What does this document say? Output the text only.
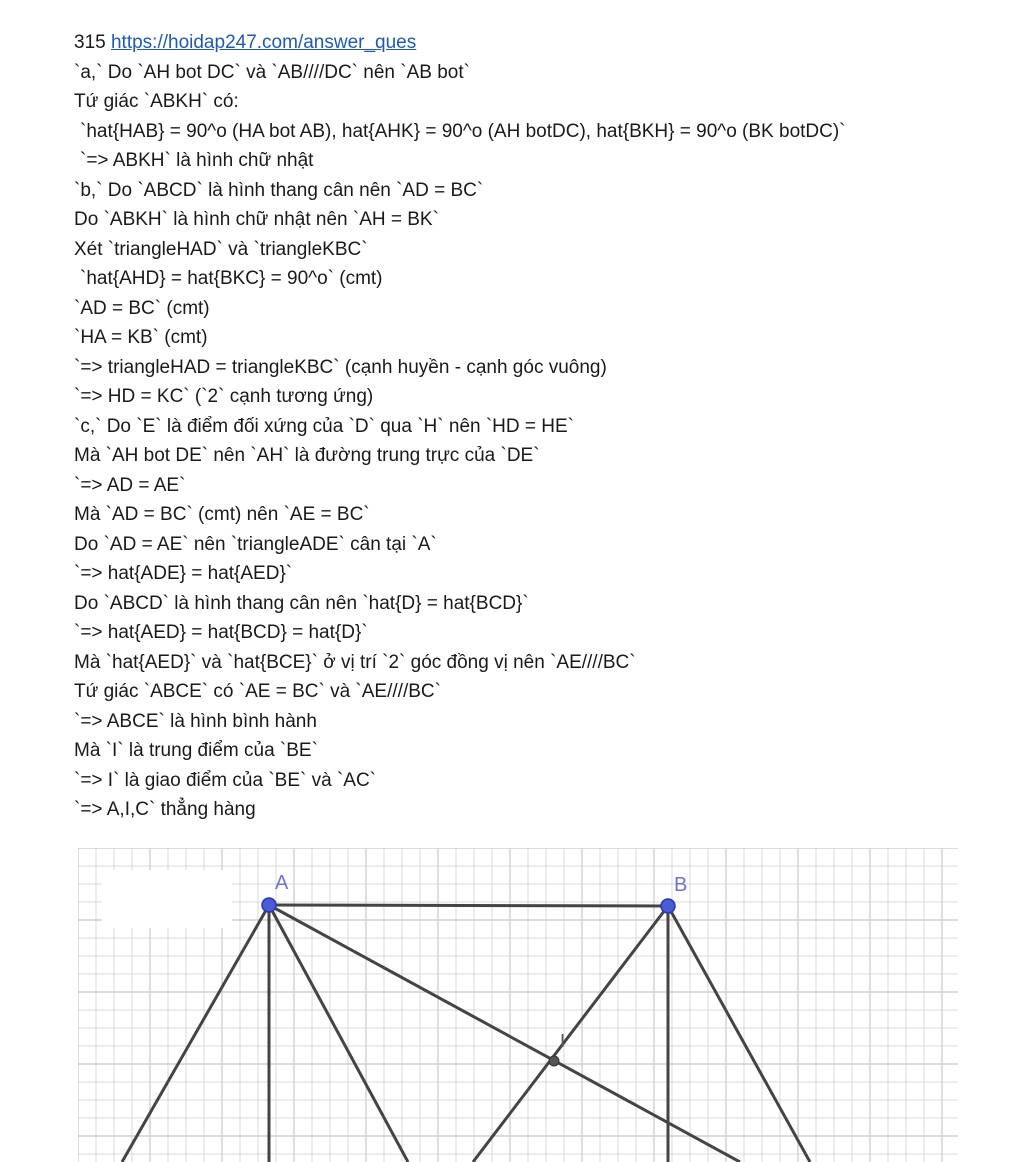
315 https://hoidap247.com/answer_ques
`a,` Do `AH bot DC` và `AB////DC` nên `AB bot`
Tứ giác `ABKH` có:
`hat{HAB} = 90^o (HA bot AB), hat{AHK} = 90^o (AH botDC), hat{BKH} = 90^o (BK botDC)`
`=> ABKH` là hình chữ nhật
`b,` Do `ABCD` là hình thang cân nên `AD = BC`
Do `ABKH` là hình chữ nhật nên `AH = BK`
Xét `triangleHAD` và `triangleKBC`
`hat{AHD} = hat{BKC} = 90^o` (cmt)
`AD = BC` (cmt)
`HA = KB` (cmt)
`=> triangleHAD = triangleKBC` (cạnh huyền - cạnh góc vuông)
`=> HD = KC` (`2` cạnh tương ứng)
`c,` Do `E` là điểm đối xứng của `D` qua `H` nên `HD = HE`
Mà `AH bot DE` nên `AH` là đường trung trực của `DE`
`=> AD = AE`
Mà `AD = BC` (cmt) nên `AE = BC`
Do `AD = AE` nên `triangleADE` cân tại `A`
`=> hat{ADE} = hat{AED}`
Do `ABCD` là hình thang cân nên `hat{D} = hat{BCD}`
`=> hat{AED} = hat{BCD} = hat{D}`
Mà `hat{AED}` và `hat{BCE}` ở vị trí `2` góc đồng vị nên `AE////BC`
Tứ giác `ABCE` có `AE = BC` và `AE////BC`
`=> ABCE` là hình bình hành
Mà `I` là trung điểm của `BE`
`=> I` là giao điểm của `BE` và `AC`
`=> A,I,C` thẳng hàng
A	B
I
